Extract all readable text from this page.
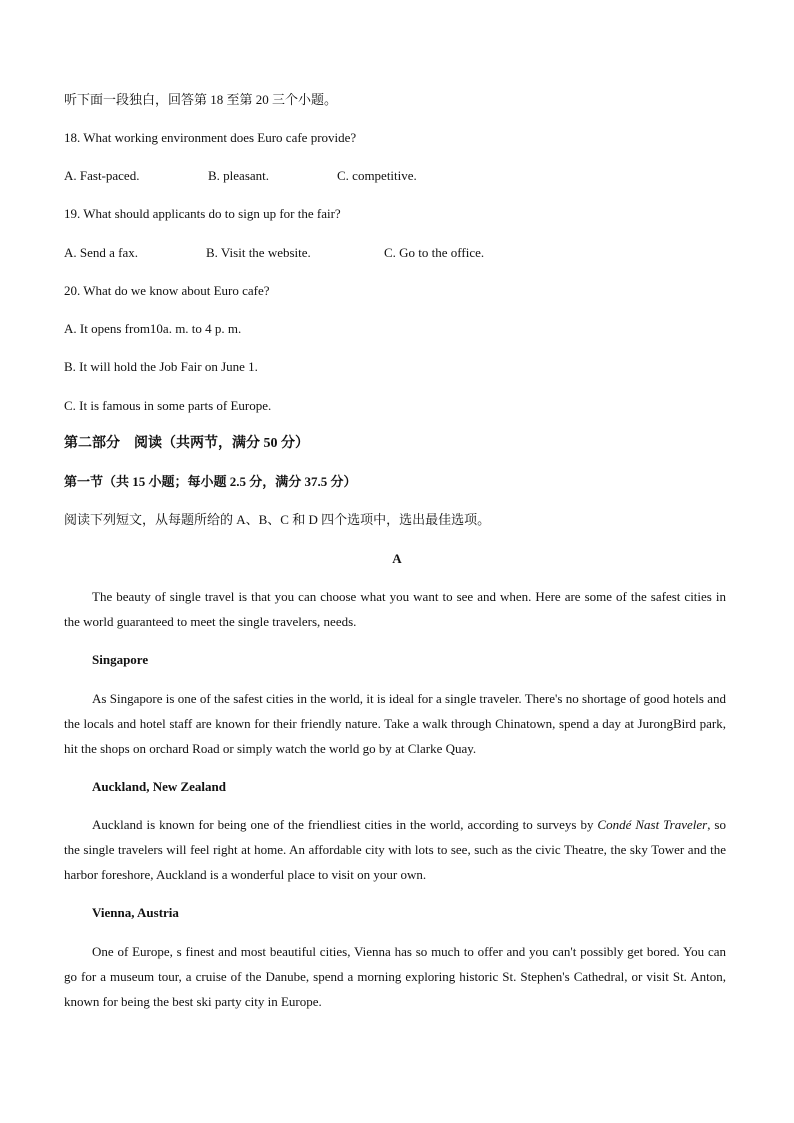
听下面一段独白，回答第 18 至第 20 三个小题。
18. What working environment does Euro cafe provide?
A. Fast-paced.	B. pleasant.	C. competitive.
19. What should applicants do to sign up for the fair?
A. Send a fax.	B. Visit the website.	C. Go to the office.
20. What do we know about Euro cafe?
A. It opens from10a. m. to 4 p. m.
B. It will hold the Job Fair on June 1.
C. It is famous in some parts of Europe.
第二部分　阅读（共两节，满分 50 分）
第一节（共 15 小题；每小题 2.5 分，满分 37.5 分）
阅读下列短文，从每题所给的 A、B、C 和 D 四个选项中，选出最佳选项。
A
The beauty of single travel is that you can choose what you want to see and when. Here are some of the safest cities in the world guaranteed to meet the single travelers, needs.
Singapore
As Singapore is one of the safest cities in the world, it is ideal for a single traveler. There's no shortage of good hotels and the locals and hotel staff are known for their friendly nature. Take a walk through Chinatown, spend a day at JurongBird park, hit the shops on orchard Road or simply watch the world go by at Clarke Quay.
Auckland, New Zealand
Auckland is known for being one of the friendliest cities in the world, according to surveys by Condé Nast Traveler, so the single travelers will feel right at home. An affordable city with lots to see, such as the civic Theatre, the sky Tower and the harbor foreshore, Auckland is a wonderful place to visit on your own.
Vienna, Austria
One of Europe, s finest and most beautiful cities, Vienna has so much to offer and you can't possibly get bored. You can go for a museum tour, a cruise of the Danube, spend a morning exploring historic St. Stephen's Cathedral, or visit St. Anton, known for being the best ski party city in Europe.
